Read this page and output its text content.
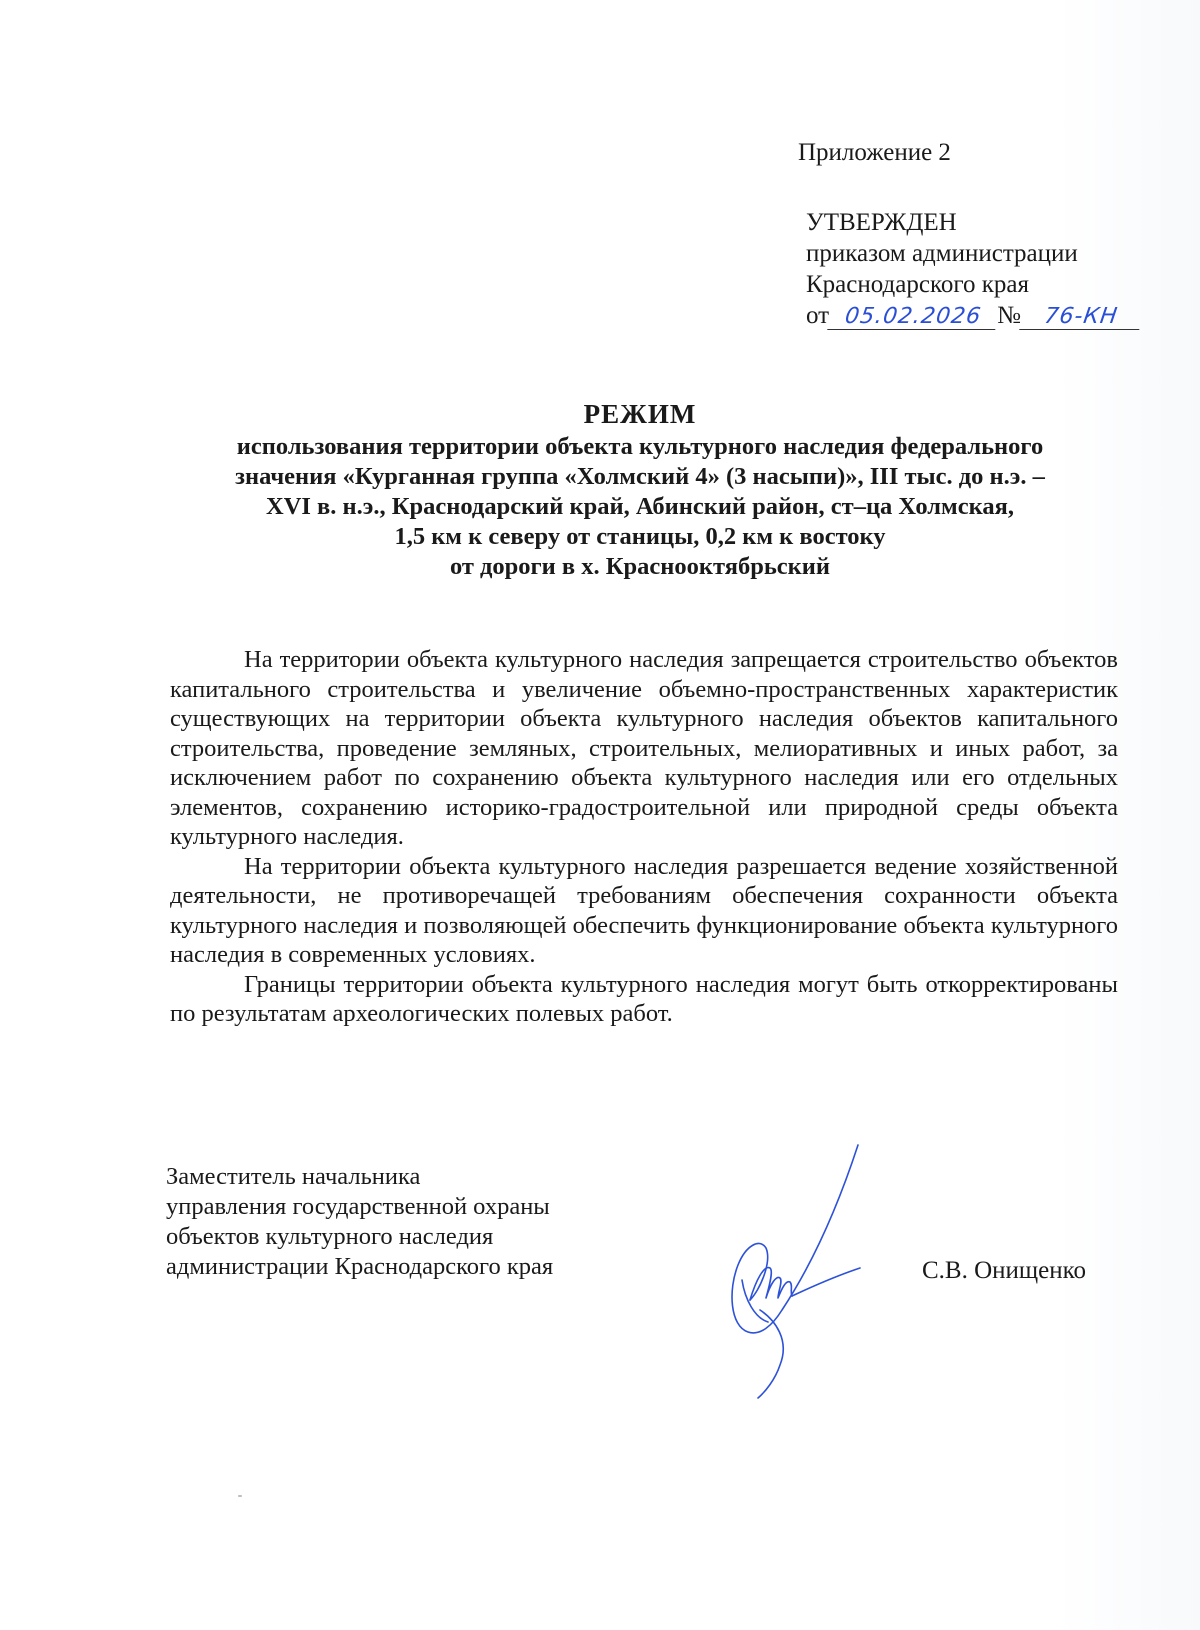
Приложение 2
УТВЕРЖДЕН
приказом администрации
Краснодарского края
от 05.02.2026 № 76-КН
РЕЖИМ
использования территории объекта культурного наследия федерального
значения «Курганная группа «Холмский 4» (3 насыпи)», III тыс. до н.э. –
XVI в. н.э., Краснодарский край, Абинский район, ст–ца Холмская,
1,5 км к северу от станицы, 0,2 км к востоку
от дороги в х. Краснооктябрьский

На территории объекта культурного наследия запрещается строительство объектов капитального строительства и увеличение объемно-пространственных характеристик существующих на территории объекта культурного наследия объектов капитального строительства, проведение земляных, строительных, мелиоративных и иных работ, за исключением работ по сохранению объекта культурного наследия или его отдельных элементов, сохранению историко-градостроительной или природной среды объекта культурного наследия.

На территории объекта культурного наследия разрешается ведение хозяйственной деятельности, не противоречащей требованиям обеспечения сохранности объекта культурного наследия и позволяющей обеспечить функционирование объекта культурного наследия в современных условиях.

Границы территории объекта культурного наследия могут быть откорректированы по результатам археологических полевых работ.

Заместитель начальника
управления государственной охраны
объектов культурного наследия
администрации Краснодарского края	С.В. Онищенко
